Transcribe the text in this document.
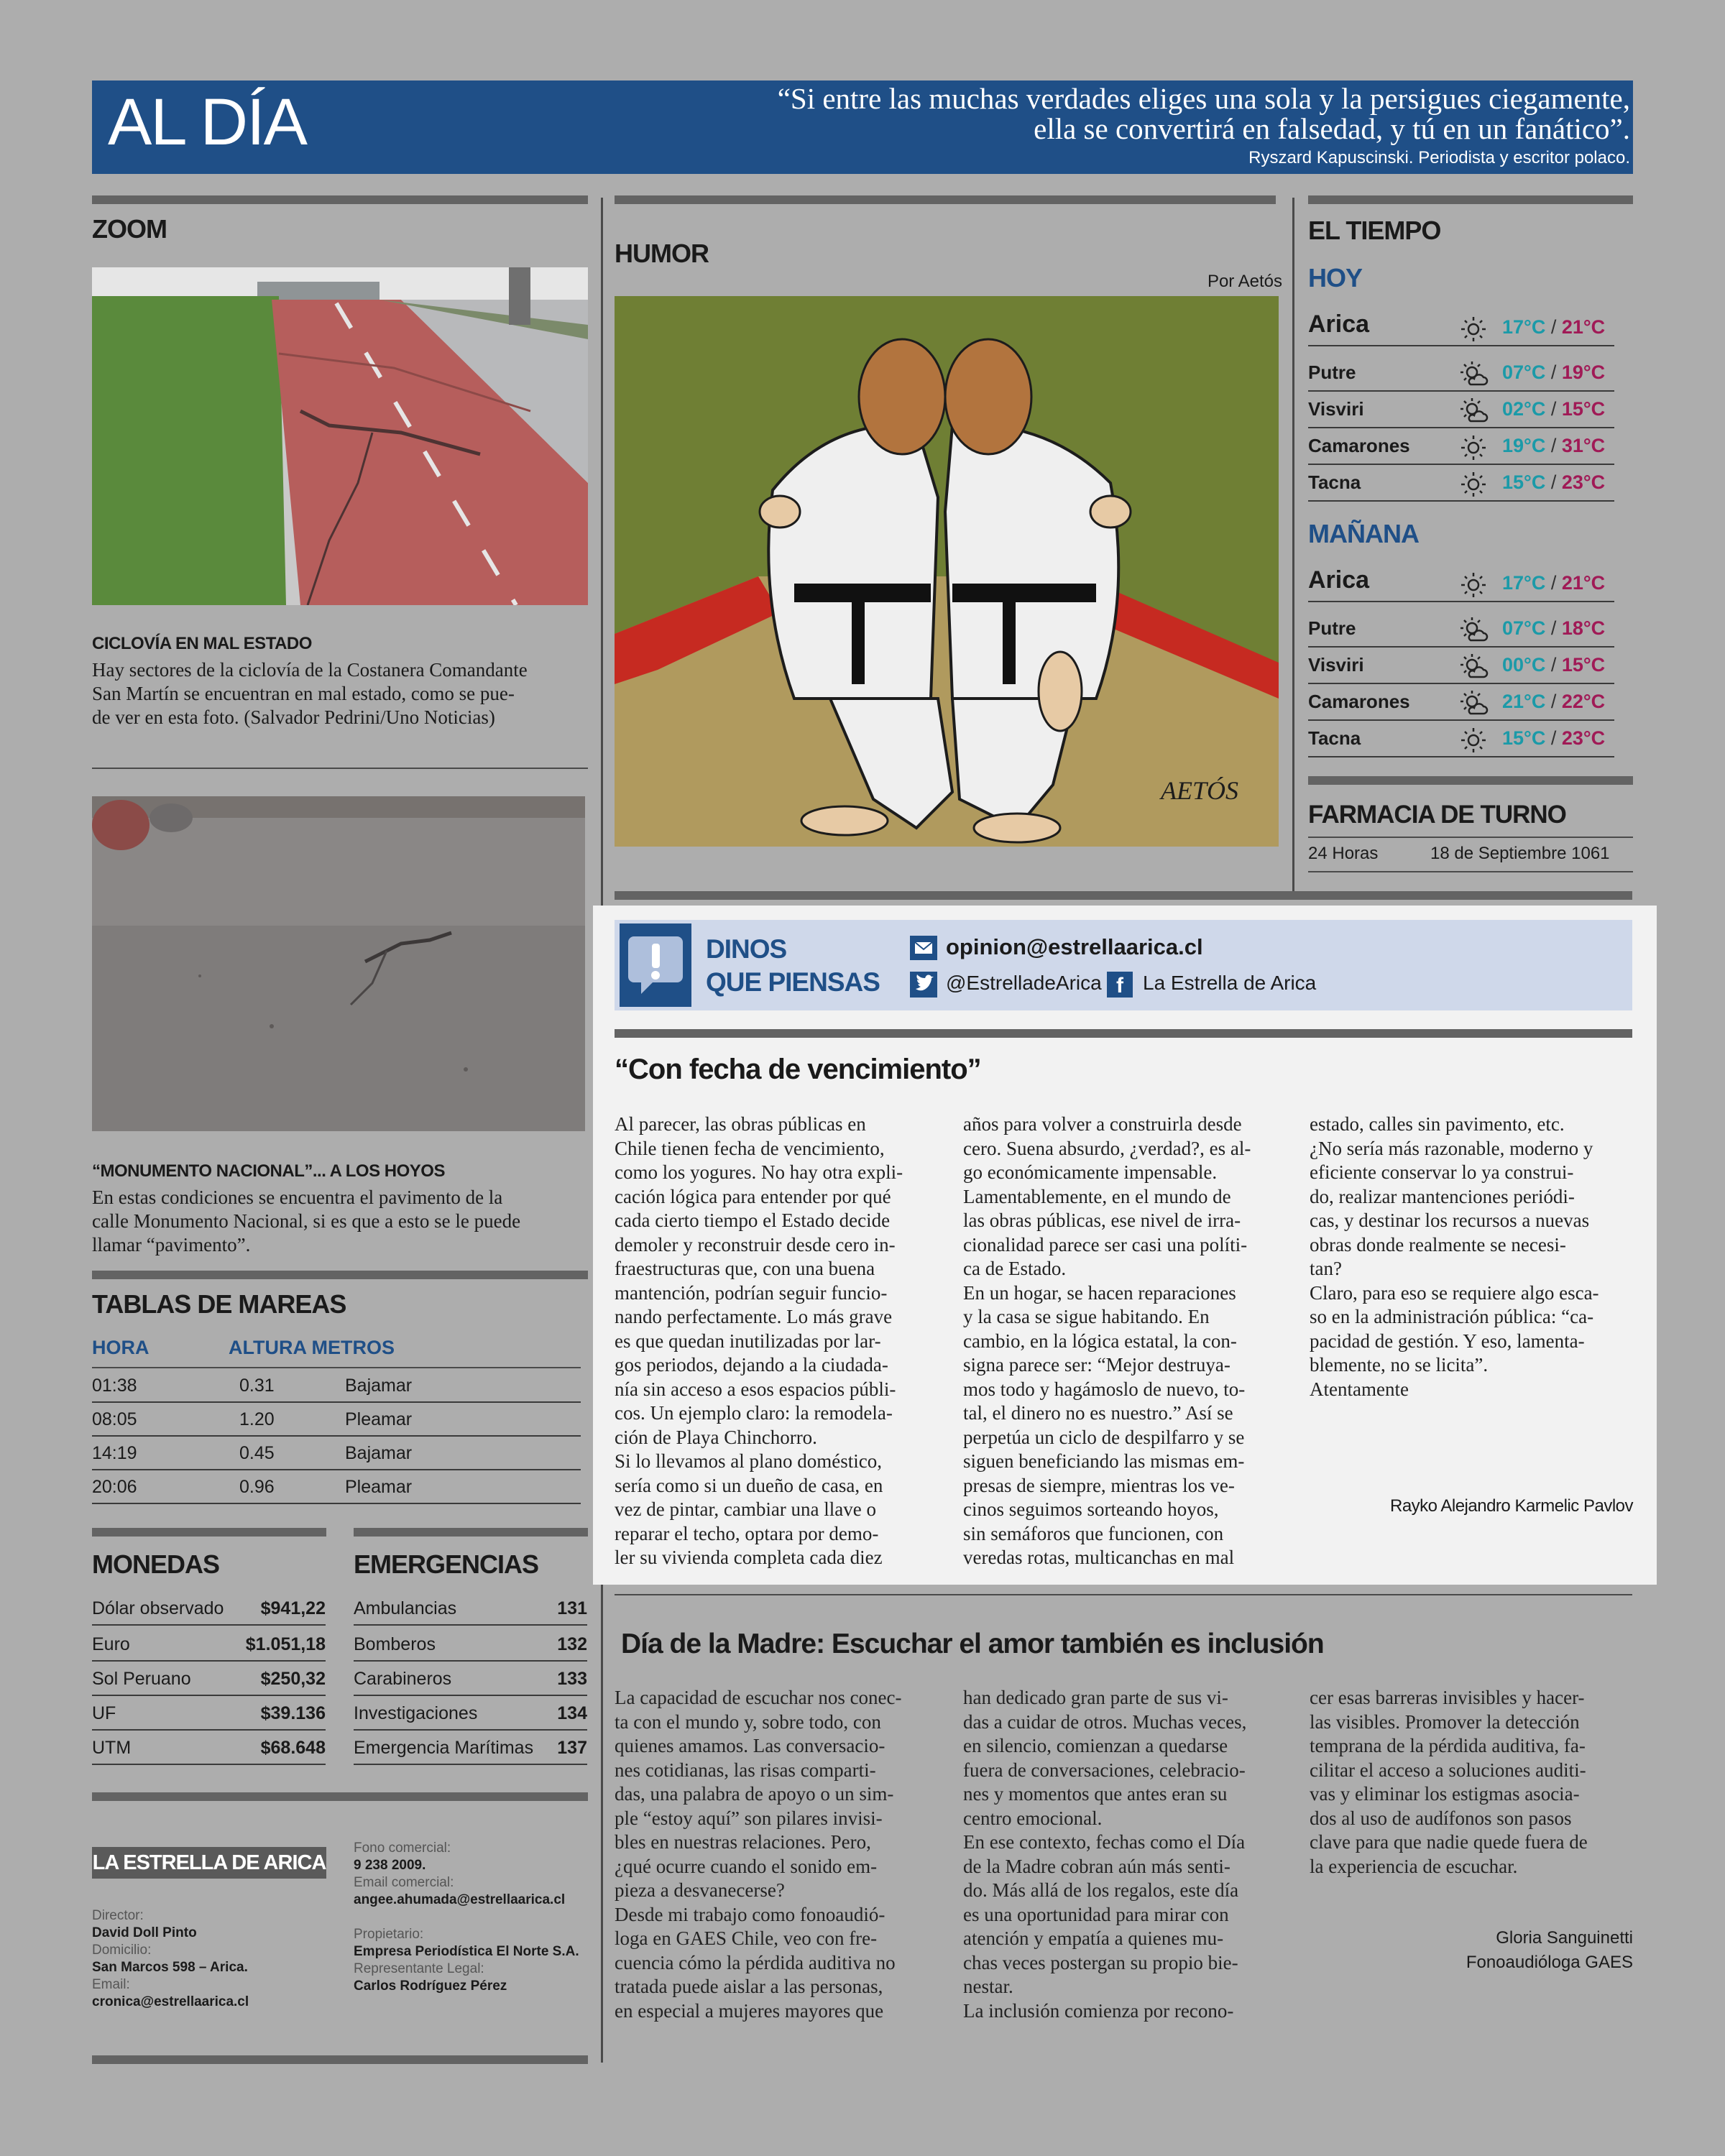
AL DÍA	“Si entre las muchas verdades eliges una sola y la persigues ciegamente,
ella se convertirá en falsedad, y tú en un fanático”.
Ryszard Kapuscinski. Periodista y escritor polaco.
ZOOM
CICLOVÍA EN MAL ESTADO
Hay sectores de la ciclovía de la Costanera Comandante
San Martín se encuentran en mal estado, como se pue-
de ver en esta foto. (Salvador Pedrini/Uno Noticias)
“MONUMENTO NACIONAL”... A LOS HOYOS
En estas condiciones se encuentra el pavimento de la
calle Monumento Nacional, si es que a esto se le puede
llamar “pavimento”.
TABLAS DE MAREAS
HORA	ALTURA METROS
01:38	0.31	Bajamar
08:05	1.20	Pleamar
14:19	0.45	Bajamar
20:06	0.96	Pleamar
MONEDAS	EMERGENCIAS
Dólar observado $941,22
Euro	$1.051,18
Sol Peruano	$250,32
UF	$39.136
UTM	$68.648
Ambulancias	131
Bomberos	132
Carabineros	133
Investigaciones	134
Emergencia Marítimas 137
LA ESTRELLA DE ARICA
Director:
David Doll Pinto
Domicilio:
San Marcos 598 – Arica.
Email:
cronica@estrellaarica.cl
Fono comercial:
9 238 2009.
Email comercial:
angee.ahumada@estrellaarica.cl
Propietario:
Empresa Periodística El Norte S.A.
Representante Legal:
Carlos Rodríguez Pérez
HUMOR
Por Aetós
AETÓS
EL TIEMPO
HOY
MAÑANA
FARMACIA DE TURNO
24 Horas	18 de Septiembre 1061
DINOS
QUE PIENSAS
opinion@estrellaarica.cl
@EstrelladeArica f La Estrella de Arica
“Con fecha de vencimiento”

Al parecer, las obras públicas en

Chile tienen fecha de vencimiento,

como los yogures. No hay otra expli-

cación lógica para entender por qué

cada cierto tiempo el Estado decide

demoler y reconstruir desde cero in-

fraestructuras que, con una buena

mantención, podrían seguir funcio-

nando perfectamente. Lo más grave

es que quedan inutilizadas por lar-

gos periodos, dejando a la ciudada-

nía sin acceso a esos espacios públi-

cos. Un ejemplo claro: la remodela-

ción de Playa Chinchorro.

Si lo llevamos al plano doméstico,

sería como si un dueño de casa, en

vez de pintar, cambiar una llave o

reparar el techo, optara por demo-

ler su vivienda completa cada diez

años para volver a construirla desde

cero. Suena absurdo, ¿verdad?, es al-

go económicamente impensable.

Lamentablemente, en el mundo de

las obras públicas, ese nivel de irra-

cionalidad parece ser casi una políti-

ca de Estado.

En un hogar, se hacen reparaciones

y la casa se sigue habitando. En

cambio, en la lógica estatal, la con-

signa parece ser: “Mejor destruya-

mos todo y hagámoslo de nuevo, to-

tal, el dinero no es nuestro.” Así se

perpetúa un ciclo de despilfarro y se

siguen beneficiando las mismas em-

presas de siempre, mientras los ve-

cinos seguimos sorteando hoyos,

sin semáforos que funcionen, con

veredas rotas, multicanchas en mal

estado, calles sin pavimento, etc.

¿No sería más razonable, moderno y

eficiente conservar lo ya construi-

do, realizar mantenciones periódi-

cas, y destinar los recursos a nuevas

obras donde realmente se necesi-

tan?

Claro, para eso se requiere algo esca-

so en la administración pública: “ca-

pacidad de gestión. Y eso, lamenta-

blemente, no se licita”.

Atentamente

Rayko Alejandro Karmelic Pavlov
Día de la Madre: Escuchar el amor también es inclusión

La capacidad de escuchar nos conec-

ta con el mundo y, sobre todo, con

quienes amamos. Las conversacio-

nes cotidianas, las risas comparti-

das, una palabra de apoyo o un sim-

ple “estoy aquí” son pilares invisi-

bles en nuestras relaciones. Pero,

¿qué ocurre cuando el sonido em-

pieza a desvanecerse?

Desde mi trabajo como fonoaudió-

loga en GAES Chile, veo con fre-

cuencia cómo la pérdida auditiva no

tratada puede aislar a las personas,

en especial a mujeres mayores que

han dedicado gran parte de sus vi-

das a cuidar de otros. Muchas veces,

en silencio, comienzan a quedarse

fuera de conversaciones, celebracio-

nes y momentos que antes eran su

centro emocional.

En ese contexto, fechas como el Día

de la Madre cobran aún más senti-

do. Más allá de los regalos, este día

es una oportunidad para mirar con

atención y empatía a quienes mu-

chas veces postergan su propio bie-

nestar.

La inclusión comienza por recono-

cer esas barreras invisibles y hacer-

las visibles. Promover la detección

temprana de la pérdida auditiva, fa-

cilitar el acceso a soluciones auditi-

vas y eliminar los estigmas asocia-

dos al uso de audífonos son pasos

clave para que nadie quede fuera de

la experiencia de escuchar.

Gloria Sanguinetti
Fonoaudióloga GAES
Arica	17°C / 21°C
Putre	07°C / 19°C
Visviri	02°C / 15°C
Camarones	19°C / 31°C
Tacna	15°C / 23°C
Arica	17°C / 21°C
Putre	07°C / 18°C
Visviri	00°C / 15°C
Camarones	21°C / 22°C
Tacna	15°C / 23°C
